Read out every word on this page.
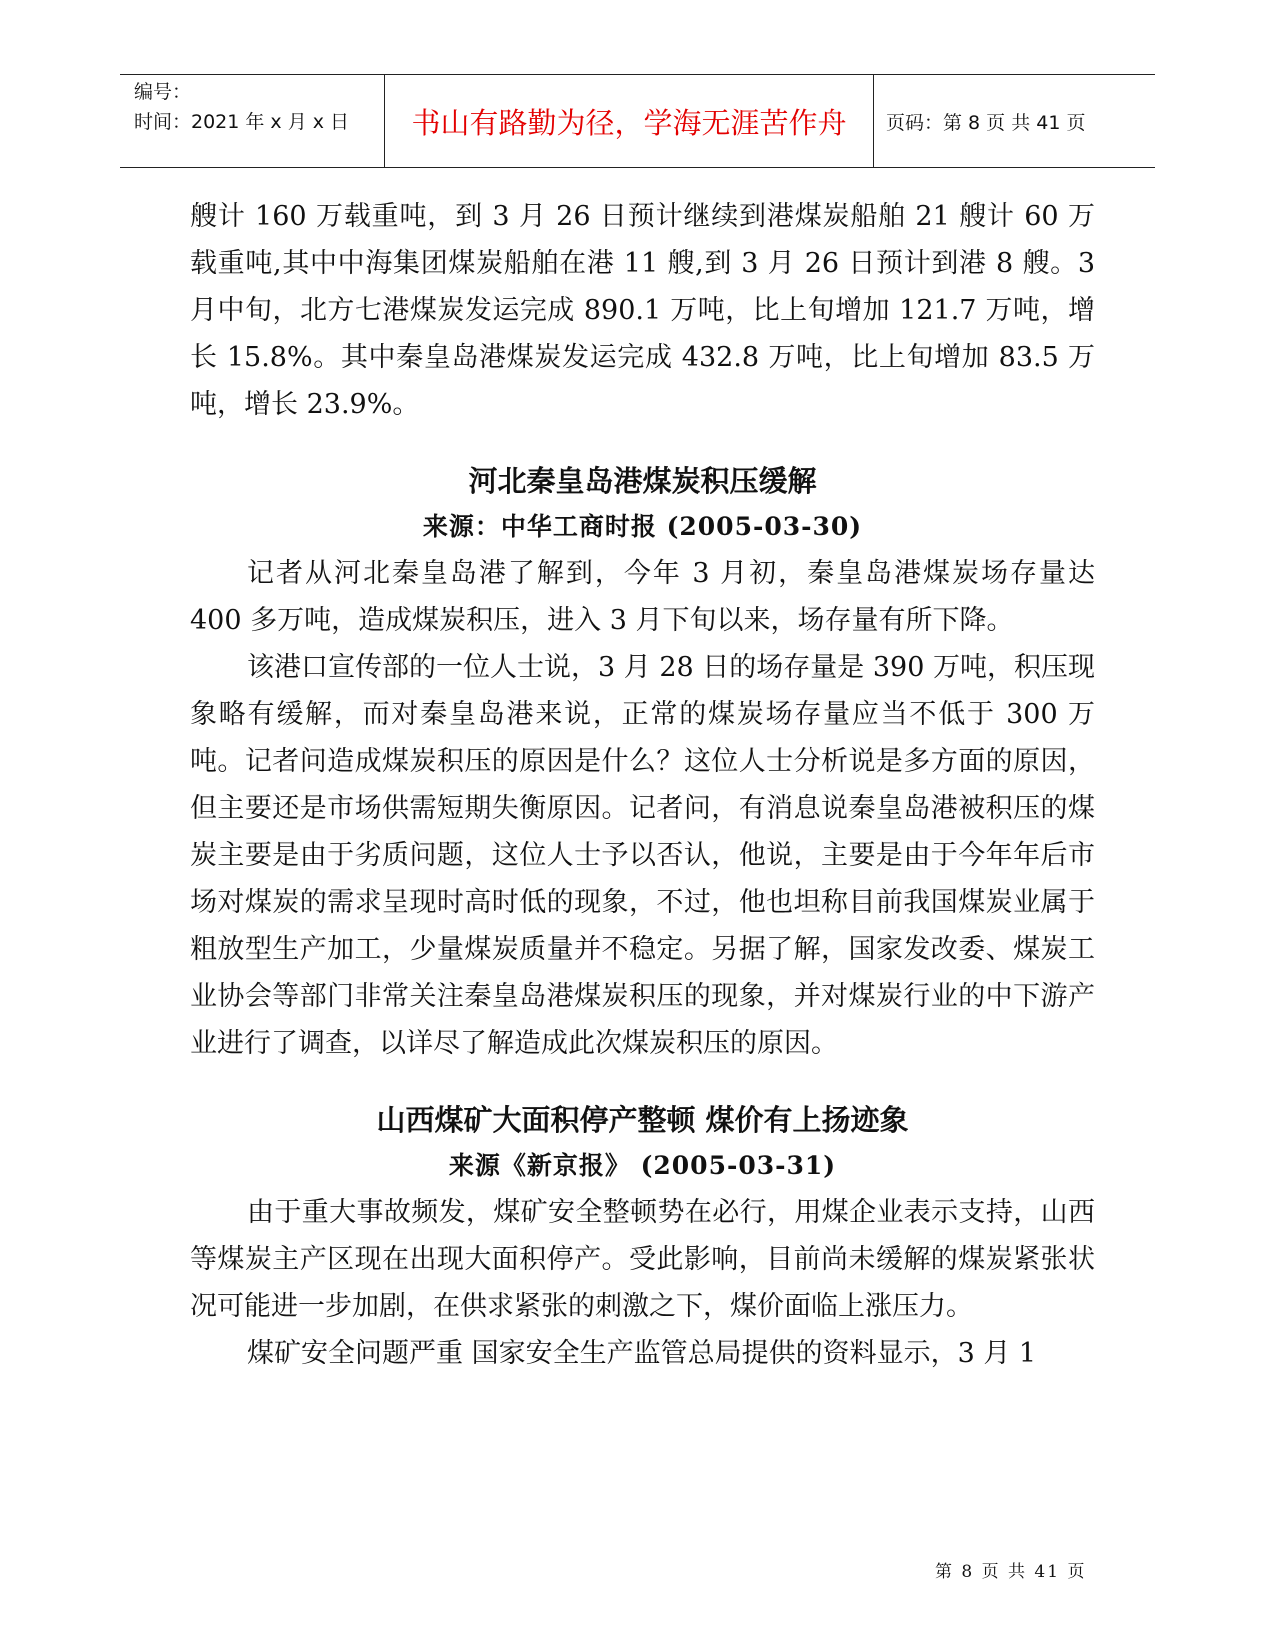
编号：
时间：2021 年 x 月 x 日	书山有路勤为径，学海无涯苦作舟	页码：第 8 页 共 41 页

艘计 160 万载重吨，到 3 月 26 日预计继续到港煤炭船舶 21 艘计 60 万载重吨,其中中海集团煤炭船舶在港 11 艘,到 3 月 26 日预计到港 8 艘。3 月中旬，北方七港煤炭发运完成 890.1 万吨，比上旬增加 121.7 万吨，增长 15.8%。其中秦皇岛港煤炭发运完成 432.8 万吨，比上旬增加 83.5 万吨，增长 23.9%。

河北秦皇岛港煤炭积压缓解

来源：中华工商时报 (2005-03-30)

记者从河北秦皇岛港了解到，今年 3 月初，秦皇岛港煤炭场存量达 400 多万吨，造成煤炭积压，进入 3 月下旬以来，场存量有所下降。

该港口宣传部的一位人士说，3 月 28 日的场存量是 390 万吨，积压现象略有缓解，而对秦皇岛港来说，正常的煤炭场存量应当不低于 300 万吨。记者问造成煤炭积压的原因是什么？这位人士分析说是多方面的原因，但主要还是市场供需短期失衡原因。记者问，有消息说秦皇岛港被积压的煤炭主要是由于劣质问题，这位人士予以否认，他说，主要是由于今年年后市场对煤炭的需求呈现时高时低的现象，不过，他也坦称目前我国煤炭业属于粗放型生产加工，少量煤炭质量并不稳定。另据了解，国家发改委、煤炭工业协会等部门非常关注秦皇岛港煤炭积压的现象，并对煤炭行业的中下游产业进行了调查，以详尽了解造成此次煤炭积压的原因。

山西煤矿大面积停产整顿 煤价有上扬迹象

来源《新京报》 (2005-03-31)

由于重大事故频发，煤矿安全整顿势在必行，用煤企业表示支持，山西等煤炭主产区现在出现大面积停产。受此影响，目前尚未缓解的煤炭紧张状况可能进一步加剧，在供求紧张的刺激之下，煤价面临上涨压力。

煤矿安全问题严重 国家安全生产监管总局提供的资料显示，3 月 1

第 8 页 共 41 页
